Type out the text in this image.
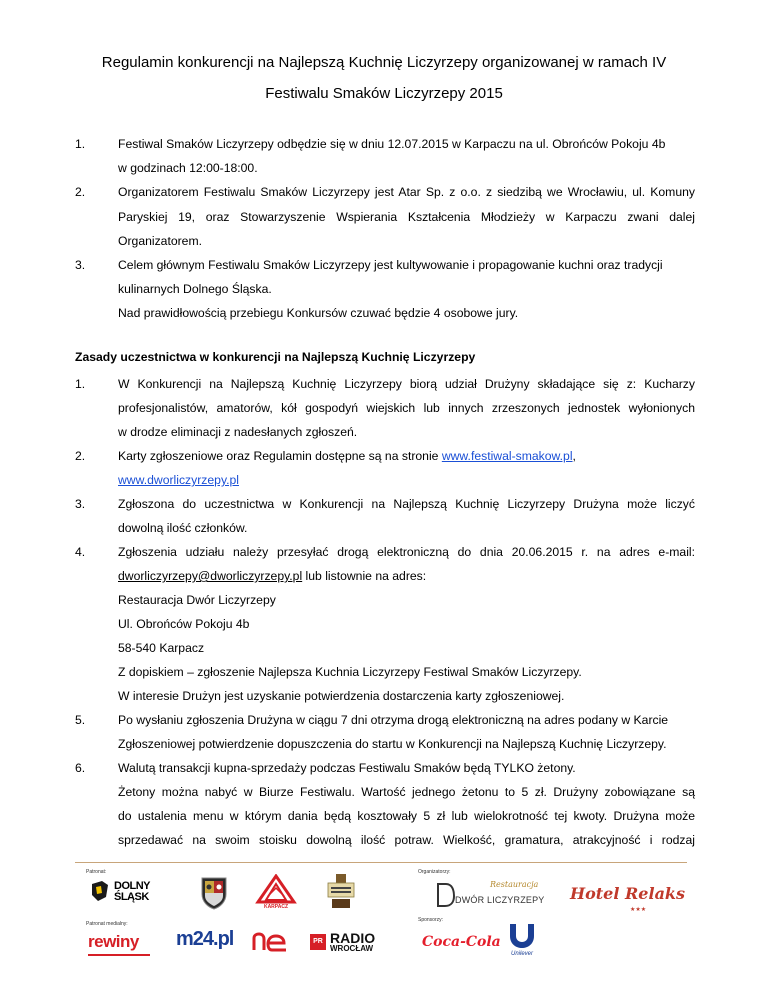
Regulamin konkurencji na Najlepszą Kuchnię Liczyrzepy organizowanej w ramach IV
Festiwalu Smaków Liczyrzepy 2015
1.	Festiwal Smaków Liczyrzepy odbędzie się w dniu 12.07.2015 w Karpaczu na ul. Obrońców Pokoju 4b
w godzinach 12:00-18:00.
2.	Organizatorem Festiwalu Smaków Liczyrzepy jest Atar Sp. z o.o. z siedzibą we Wrocławiu, ul. Komuny
Paryskiej 19, oraz Stowarzyszenie Wspierania Kształcenia Młodzieży w Karpaczu zwani dalej
Organizatorem.
3.	Celem głównym Festiwalu Smaków Liczyrzepy jest kultywowanie i propagowanie kuchni oraz tradycji
kulinarnych Dolnego Śląska.
Nad prawidłowością przebiegu Konkursów czuwać będzie 4 osobowe jury.
Zasady uczestnictwa w konkurencji na Najlepszą Kuchnię Liczyrzepy
1.	W Konkurencji na Najlepszą Kuchnię Liczyrzepy biorą udział Drużyny składające się z: Kucharzy
profesjonalistów, amatorów, kół gospodyń wiejskich lub innych zrzeszonych jednostek wyłonionych
w drodze eliminacji z nadesłanych zgłoszeń.
2.	Karty zgłoszeniowe oraz Regulamin dostępne są na stronie www.festiwal-smakow.pl,
www.dworliczyrzepy.pl
3.	Zgłoszona do uczestnictwa w Konkurencji na Najlepszą Kuchnię Liczyrzepy Drużyna może liczyć
dowolną ilość członków.
4.	Zgłoszenia udziału należy przesyłać drogą elektroniczną do dnia 20.06.2015 r. na adres e-mail:
dworliczyrzepy@dworliczyrzepy.pl lub listownie na adres:
Restauracja Dwór Liczyrzepy
Ul. Obrońców Pokoju 4b
58-540 Karpacz
Z dopiskiem – zgłoszenie Najlepsza Kuchnia Liczyrzepy Festiwal Smaków Liczyrzepy.
W interesie Drużyn jest uzyskanie potwierdzenia dostarczenia karty zgłoszeniowej.
5.	Po wysłaniu zgłoszenia Drużyna w ciągu 7 dni otrzyma drogą elektroniczną na adres podany w Karcie
Zgłoszeniowej potwierdzenie dopuszczenia do startu w Konkurencji na Najlepszą Kuchnię Liczyrzepy.
6.	Walutą transakcji kupna-sprzedaży podczas Festiwalu Smaków będą TYLKO żetony.
Żetony można nabyć w Biurze Festiwalu. Wartość jednego żetonu to 5 zł. Drużyny zobowiązane są
do ustalenia menu w którym dania będą kosztowały 5 zł lub wielokrotność tej kwoty. Drużyna może
sprzedawać na swoim stoisku dowolną ilość potraw. Wielkość, gramatura, atrakcyjność i rodzaj
Patronat:	Organizatorzy:
Patronat medialny:
Sponsorzy:
DOLNY
ŚLĄSK
KARPACZ
Restauracja
DWÓR LICZYRZEPY Hotel Relaks
★★★
rewiny m24.pl	PR RADIO
WROCŁAW	Coca-Cola
Unilever
